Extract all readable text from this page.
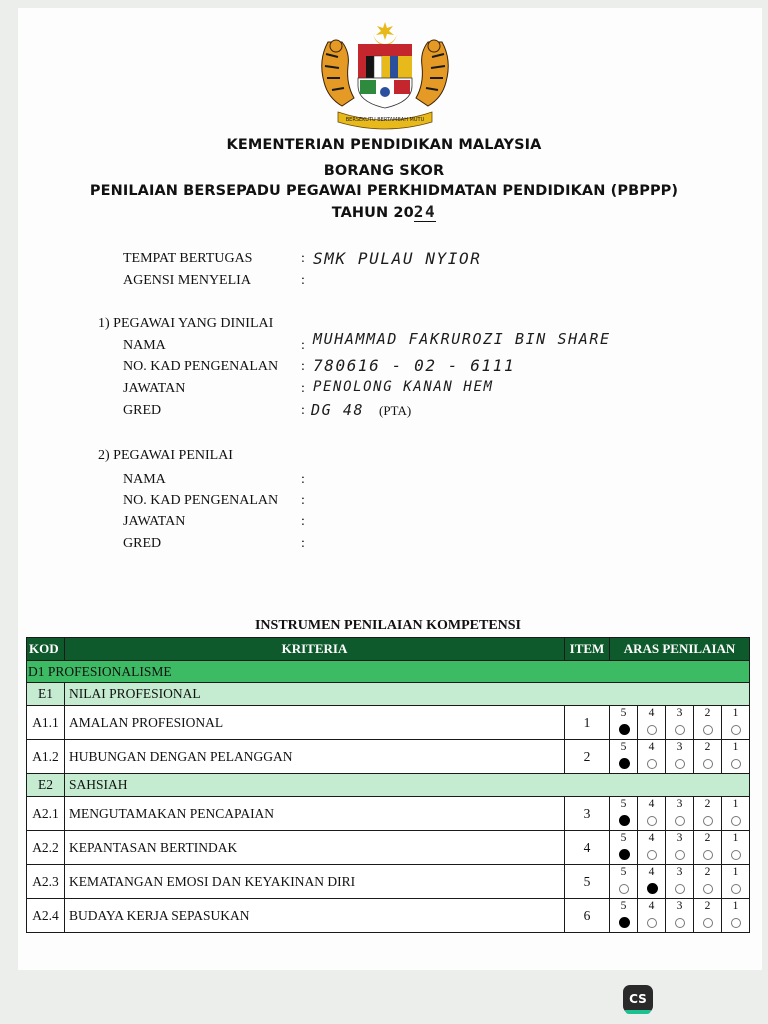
BERSEKUTU BERTAMBAH MUTU
KEMENTERIAN PENDIDIKAN MALAYSIA
BORANG SKOR
PENILAIAN BERSEPADU PEGAWAI PERKHIDMATAN PENDIDIKAN (PBPPP)
TAHUN 2024
TEMPAT BERTUGAS	: SMK PULAU NYIOR
AGENSI MENYELIA	:
1) PEGAWAI YANG DINILAI
NAMA	: MUHAMMAD FAKRUROZI BIN SHARE
NO. KAD PENGENALAN : 780616 - 02 - 6111
JAWATAN	: PENOLONG KANAN HEM
GRED	: DG 48 (PTA)
2) PEGAWAI PENILAI
NAMA	:
NO. KAD PENGENALAN :
JAWATAN	:
GRED	:
INSTRUMEN PENILAIAN KOMPETENSI
KOD	KRITERIA	ITEM	ARAS PENILAIAN
D1 PROFESIONALISME			
E1	NILAI PROFESIONAL		
A1.1	AMALAN PROFESIONAL	1	5 4 3 2 1

A1.2	HUBUNGAN DENGAN PELANGGAN	2	5 4 3 2 1

E2	SAHSIAH		
A2.1	MENGUTAMAKAN PENCAPAIAN	3	5 4 3 2 1

A2.2	KEPANTASAN BERTINDAK	4	5 4 3 2 1

A2.3	KEMATANGAN EMOSI DAN KEYAKINAN DIRI	5	5 4 3 2 1

A2.4	BUDAYA KERJA SEPASUKAN	6	5 4 3 2 1
CS
